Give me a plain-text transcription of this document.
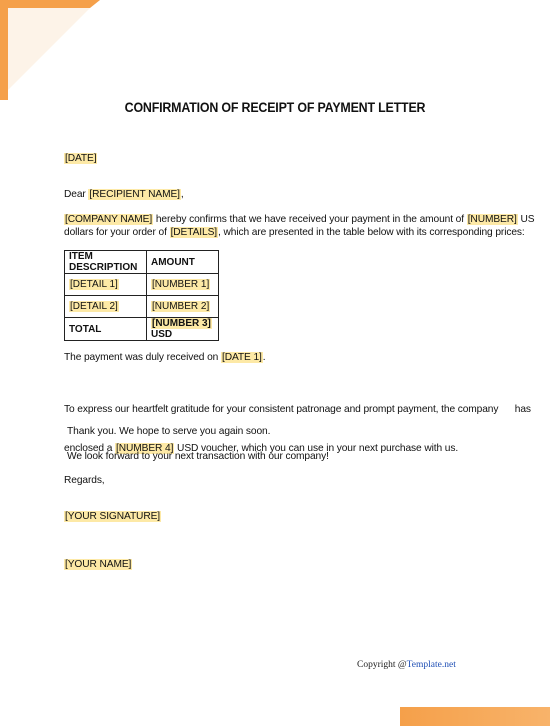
CONFIRMATION OF RECEIPT OF PAYMENT LETTER
[DATE]
Dear [RECIPIENT NAME],
[COMPANY NAME] hereby confirms that we have received your payment in the amount of [NUMBER] US
dollars for your order of [DETAILS], which are presented in the table below with its corresponding prices:
ITEM DESCRIPTION	AMOUNT
[DETAIL 1]	[NUMBER 1]
[DETAIL 2]	[NUMBER 2]
TOTAL	[NUMBER 3] USD
The payment was duly received on [DATE 1].

To express our heartfelt gratitude for your consistent patronage and prompt payment, the company      has

enclosed a [NUMBER 4] USD voucher, which you can use in your next purchase with us.

Thank you. We hope to serve you again soon.
We look forward to your next transaction with our company!
Regards,
[YOUR SIGNATURE]
[YOUR NAME]
Copyright @Template.net
